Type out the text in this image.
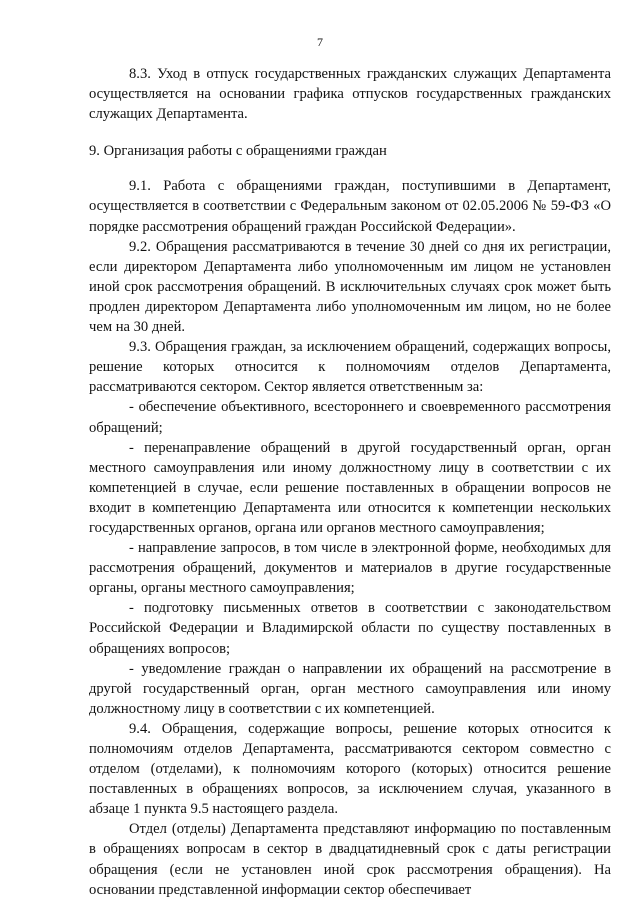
7

8.3. Уход в отпуск государственных гражданских служащих Департамента осуществляется на основании графика отпусков государственных гражданских служащих Департамента.

9. Организация работы с обращениями граждан

9.1. Работа с обращениями граждан, поступившими в Департамент, осуществляется в соответствии с Федеральным законом от 02.05.2006 № 59-ФЗ «О порядке рассмотрения обращений граждан Российской Федерации».

9.2. Обращения рассматриваются в течение 30 дней со дня их регистрации, если директором Департамента либо уполномоченным им лицом не установлен иной срок рассмотрения обращений. В исключительных случаях срок может быть продлен директором Департамента либо уполномоченным им лицом, но не более чем на 30 дней.

9.3. Обращения граждан, за исключением обращений, содержащих вопросы, решение которых относится к полномочиям отделов Департамента, рассматриваются сектором. Сектор является ответственным за:

- обеспечение объективного, всестороннего и своевременного рассмотрения обращений;

- перенаправление обращений в другой государственный орган, орган местного самоуправления или иному должностному лицу в соответствии с их компетенцией в случае, если решение поставленных в обращении вопросов не входит в компетенцию Департамента или относится к компетенции нескольких государственных органов, органа или органов местного самоуправления;

- направление запросов, в том числе в электронной форме, необходимых для рассмотрения обращений, документов и материалов в другие государственные органы, органы местного самоуправления;

- подготовку письменных ответов в соответствии с законодательством Российской Федерации и Владимирской области по существу поставленных в обращениях вопросов;

- уведомление граждан о направлении их обращений на рассмотрение в другой государственный орган, орган местного самоуправления или иному должностному лицу в соответствии с их компетенцией.

9.4. Обращения, содержащие вопросы, решение которых относится к полномочиям отделов Департамента, рассматриваются сектором совместно с отделом (отделами), к полномочиям которого (которых) относится решение поставленных в обращениях вопросов, за исключением случая, указанного в абзаце 1 пункта 9.5 настоящего раздела.

Отдел (отделы) Департамента представляют информацию по поставленным в обращениях вопросам в сектор в двадцатидневный срок с даты регистрации обращения (если не установлен иной срок рассмотрения обращения). На основании представленной информации сектор обеспечивает
